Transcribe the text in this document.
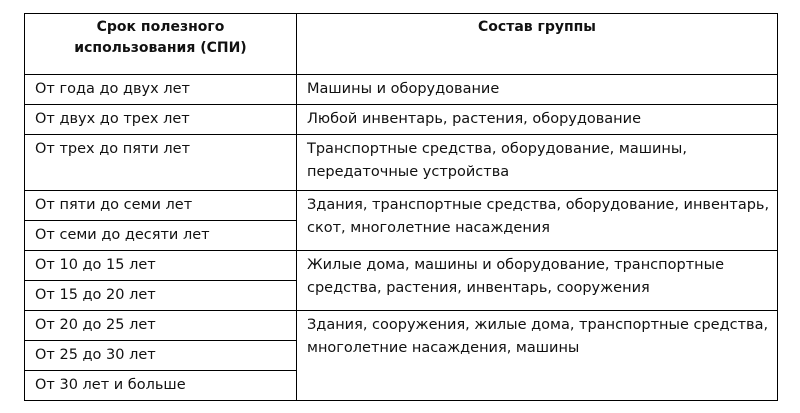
Срок полезного использования (СПИ)	Состав группы
От года до двух лет	Машины и оборудование
От двух до трех лет	Любой инвентарь, растения, оборудование
От трех до пяти лет	Транспортные средства, оборудование, машины, передаточные устройства
От пяти до семи лет	Здания, транспортные средства, оборудование, инвентарь, скот, многолетние насаждения
От семи до десяти лет	
От 10 до 15 лет	Жилые дома, машины и оборудование, транспортные средства, растения, инвентарь, сооружения
От 15 до 20 лет	
От 20 до 25 лет	Здания, сооружения, жилые дома, транспортные средства, многолетние насаждения, машины
От 25 до 30 лет	
От 30 лет и больше	
